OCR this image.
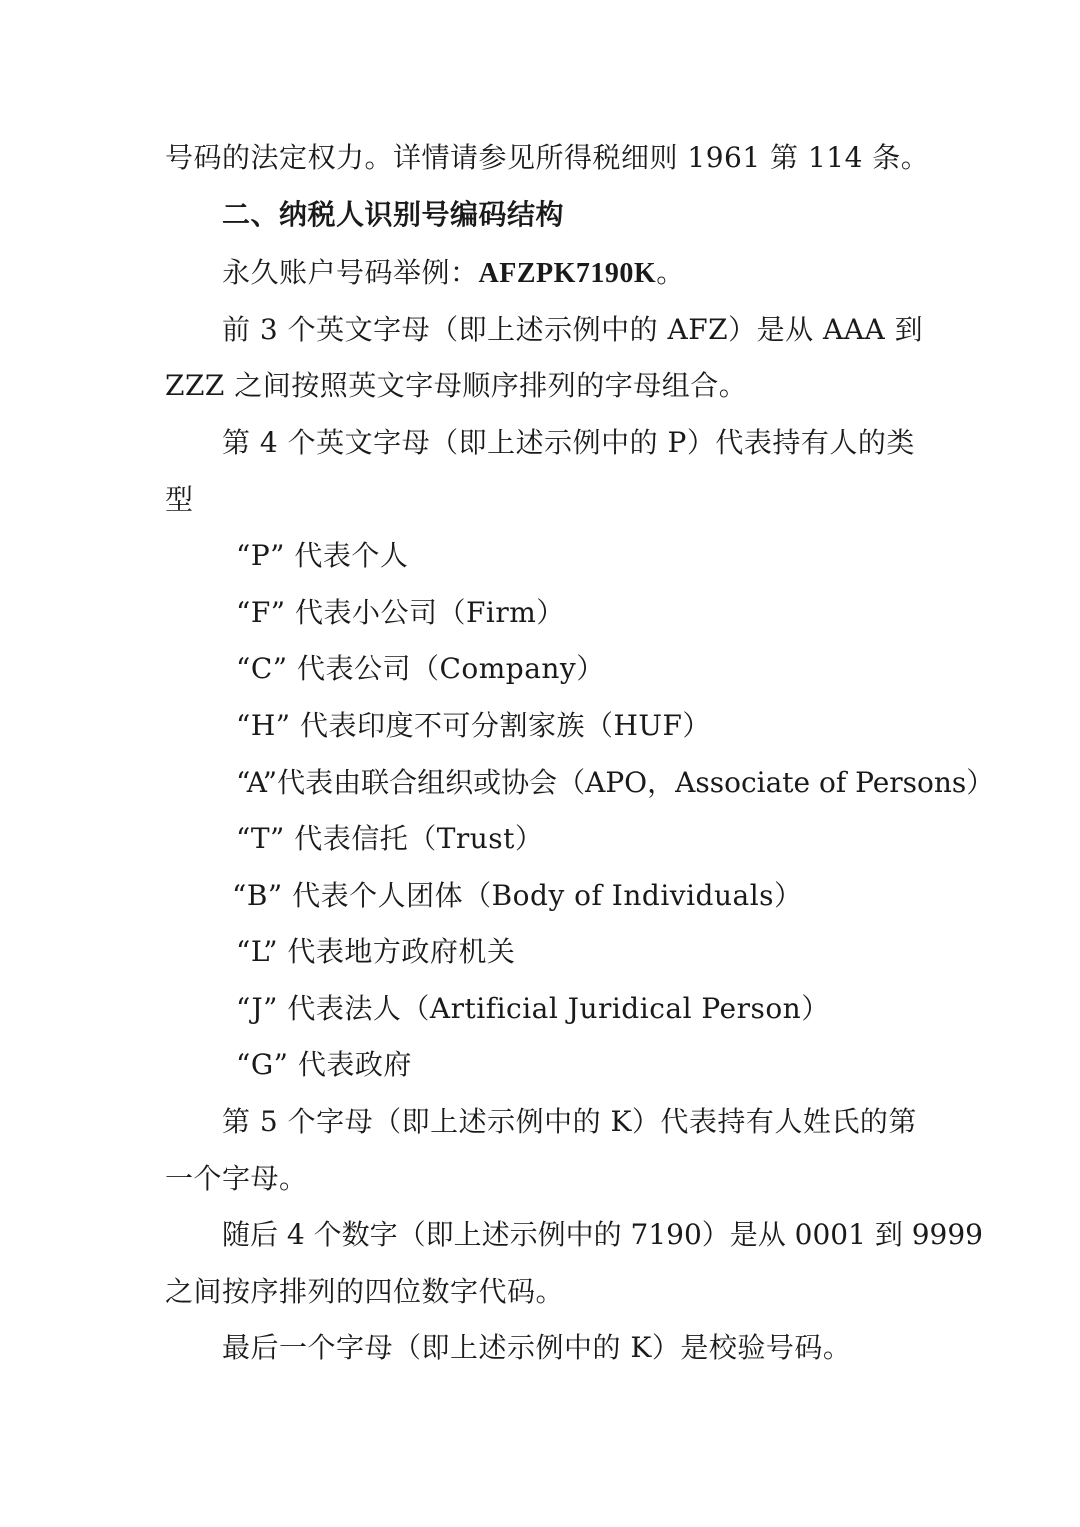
号码的法定权力。详情请参见所得税细则 1961 第 114 条。
二、纳税人识别号编码结构
永久账户号码举例：AFZPK7190K。
前 3 个英文字母（即上述示例中的 AFZ）是从 AAA 到
ZZZ 之间按照英文字母顺序排列的字母组合。
第 4 个英文字母（即上述示例中的 P）代表持有人的类
型
“P” 代表个人
“F” 代表小公司（Firm）
“C” 代表公司（Company）
“H” 代表印度不可分割家族（HUF）
“A”代表由联合组织或协会（APO，Associate of Persons）
“T” 代表信托（Trust）
“B” 代表个人团体（Body of Individuals）
“L” 代表地方政府机关
“J” 代表法人（Artificial Juridical Person）
“G” 代表政府
第 5 个字母（即上述示例中的 K）代表持有人姓氏的第
一个字母。
随后 4 个数字（即上述示例中的 7190）是从 0001 到 9999
之间按序排列的四位数字代码。
最后一个字母（即上述示例中的 K）是校验号码。
